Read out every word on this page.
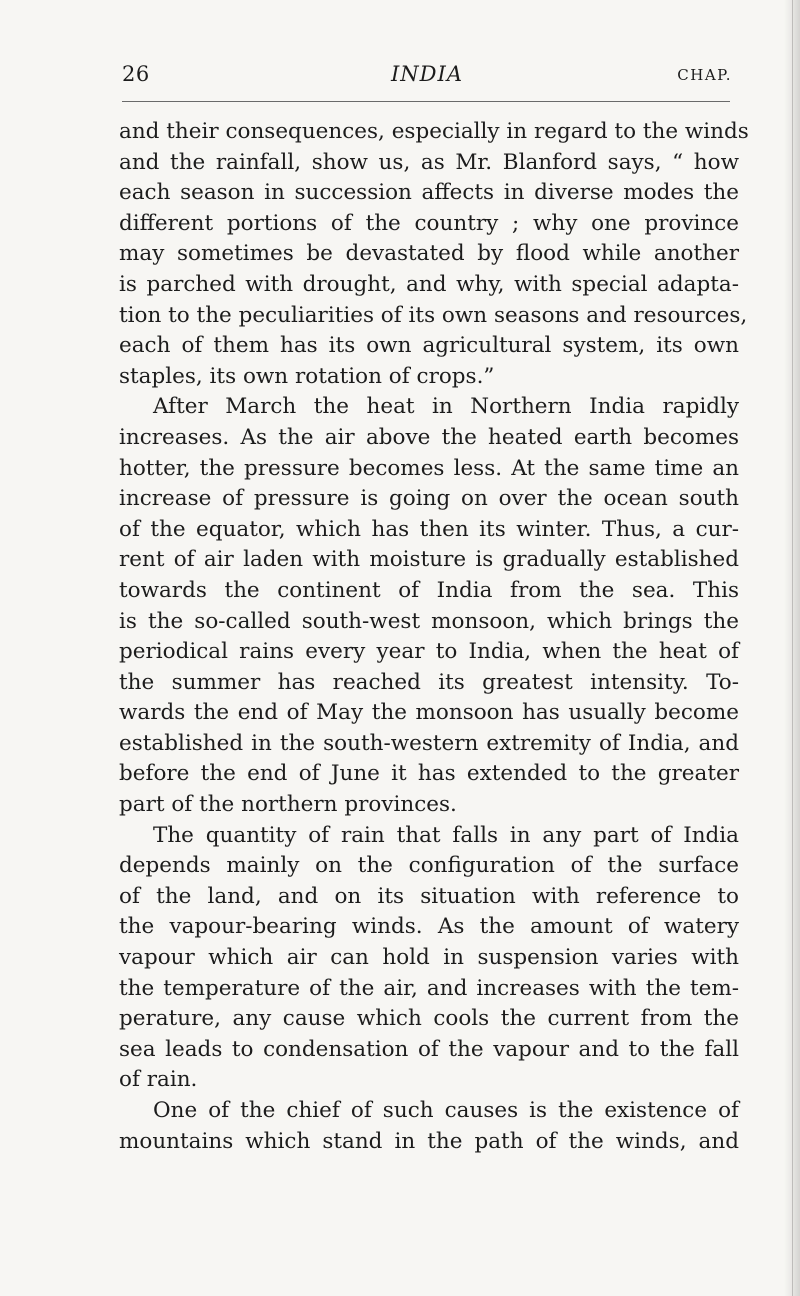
26	INDIA	CHAP.
and their consequences, especially in regard to the winds
and the rainfall, show us, as Mr. Blanford says, “ how
each season in succession affects in diverse modes the
different portions of the country ; why one province
may sometimes be devastated by flood while another
is parched with drought, and why, with special adapta-
tion to the peculiarities of its own seasons and resources,
each of them has its own agricultural system, its own
staples, its own rotation of crops.”
After March the heat in Northern India rapidly
increases. As the air above the heated earth becomes
hotter, the pressure becomes less. At the same time an
increase of pressure is going on over the ocean south
of the equator, which has then its winter. Thus, a cur-
rent of air laden with moisture is gradually established
towards the continent of India from the sea. This
is the so-called south-west monsoon, which brings the
periodical rains every year to India, when the heat of
the summer has reached its greatest intensity. To-
wards the end of May the monsoon has usually become
established in the south-western extremity of India, and
before the end of June it has extended to the greater
part of the northern provinces.
The quantity of rain that falls in any part of India
depends mainly on the configuration of the surface
of the land, and on its situation with reference to
the vapour-bearing winds. As the amount of watery
vapour which air can hold in suspension varies with
the temperature of the air, and increases with the tem-
perature, any cause which cools the current from the
sea leads to condensation of the vapour and to the fall
of rain.
One of the chief of such causes is the existence of
mountains which stand in the path of the winds, and
